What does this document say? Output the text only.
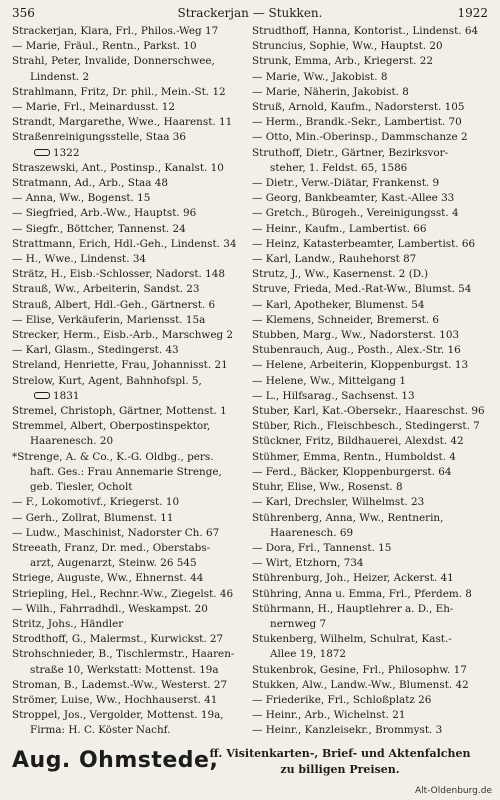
356	Strackerjan — Stukken.	1922
Strackerjan, Klara, Frl., Philos.-Weg 17
— Marie, Fräul., Rentn., Parkst. 10
Strahl, Peter, Invalide, Donnerschwee,
Lindenst. 2
Strahlmann, Fritz, Dr. phil., Mein.-St. 12
— Marie, Frl., Meinardusst. 12
Strandt, Margarethe, Wwe., Haarenst. 11
Straßenreinigungsstelle, Staa 36
1322
Straszewski, Ant., Postinsp., Kanalst. 10
Stratmann, Ad., Arb., Staa 48
— Anna, Ww., Bogenst. 15
— Siegfried, Arb.-Ww., Hauptst. 96
— Siegfr., Böttcher, Tannenst. 24
Strattmann, Erich, Hdl.-Geh., Lindenst. 34
— H., Wwe., Lindenst. 34
Strätz, H., Eisb.-Schlosser, Nadorst. 148
Strauß, Ww., Arbeiterin, Sandst. 23
Strauß, Albert, Hdl.-Geh., Gärtnerst. 6
— Elise, Verkäuferin, Mariensst. 15a
Strecker, Herm., Eisb.-Arb., Marschweg 2
— Karl, Glasm., Stedingerst. 43
Streland, Henriette, Frau, Johannisst. 21
Strelow, Kurt, Agent, Bahnhofspl. 5,
1831
Stremel, Christoph, Gärtner, Mottenst. 1
Stremmel, Albert, Oberpostinspektor,
Haarenesch. 20
*Strenge, A. & Co., K.-G. Oldbg., pers.
haft. Ges.: Frau Annemarie Strenge,
geb. Tiesler, Ocholt
— F., Lokomotivf., Kriegerst. 10
— Gerh., Zollrat, Blumenst. 11
— Ludw., Maschinist, Nadorster Ch. 67
Streeath, Franz, Dr. med., Oberstabs-
arzt, Augenarzt, Steinw. 26 545
Striege, Auguste, Ww., Ehnernst. 44
Striepling, Hel., Rechnr.-Ww., Ziegelst. 46
— Wilh., Fahrradhdl., Weskampst. 20
Stritz, Johs., Händler
Strodthoff, G., Malermst., Kurwickst. 27
Strohschnieder, B., Tischlermstr., Haaren-
straße 10, Werkstatt: Mottenst. 19a
Stroman, B., Lademst.-Ww., Westerst. 27
Strömer, Luise, Ww., Hochhauserst. 41
Stroppel, Jos., Vergolder, Mottenst. 19a,
Firma: H. C. Köster Nachf.
Strudthoff, Hanna, Kontorist., Lindenst. 64
Struncius, Sophie, Ww., Hauptst. 20
Strunk, Emma, Arb., Kriegerst. 22
— Marie, Ww., Jakobist. 8
— Marie, Näherin, Jakobist. 8
Struß, Arnold, Kaufm., Nadorsterst. 105
— Herm., Brandk.-Sekr., Lambertist. 70
— Otto, Min.-Oberinsp., Dammschanze 2
Struthoff, Dietr., Gärtner, Bezirksvor-
steher, 1. Feldst. 65, 1586
— Dietr., Verw.-Diätar, Frankenst. 9
— Georg, Bankbeamter, Kast.-Allee 33
— Gretch., Bürogeh., Vereinigungsst. 4
— Heinr., Kaufm., Lambertist. 66
— Heinz, Katasterbeamter, Lambertist. 66
— Karl, Landw., Rauhehorst 87
Strutz, J., Ww., Kasernenst. 2 (D.)
Struve, Frieda, Med.-Rat-Ww., Blumst. 54
— Karl, Apotheker, Blumenst. 54
— Klemens, Schneider, Bremerst. 6
Stubben, Marg., Ww., Nadorsterst. 103
Stubenrauch, Aug., Posth., Alex.-Str. 16
— Helene, Arbeiterin, Kloppenburgst. 13
— Helene, Ww., Mittelgang 1
— L., Hilfsarag., Sachsenst. 13
Stuber, Karl, Kat.-Obersekr., Haareschst. 96
Stüber, Rich., Fleischbesch., Stedingerst. 7
Stückner, Fritz, Bildhauerei, Alexdst. 42
Stühmer, Emma, Rentn., Humboldst. 4
— Ferd., Bäcker, Kloppenburgerst. 64
Stuhr, Elise, Ww., Rosenst. 8
— Karl, Drechsler, Wilhelmst. 23
Stührenberg, Anna, Ww., Rentnerin,
Haarenesch. 69
— Dora, Frl., Tannenst. 15
— Wirt, Etzhorn, 734
Stührenburg, Joh., Heizer, Ackerst. 41
Stühring, Anna u. Emma, Frl., Pferdem. 8
Stührmann, H., Hauptlehrer a. D., Eh-
nernweg 7
Stukenberg, Wilhelm, Schulrat, Kast.-
Allee 19, 1872
Stukenbrok, Gesine, Frl., Philosophw. 17
Stukken, Alw., Landw.-Ww., Blumenst. 42
— Friederike, Frl., Schloßplatz 26
— Heinr., Arb., Wichelnst. 21
— Heinr., Kanzleisekr., Brommyst. 3
Aug. Ohmstede,
ff. Visitenkarten-, Brief- und Aktenfalchen
zu billigen Preisen.
Alt-Oldenburg.de
